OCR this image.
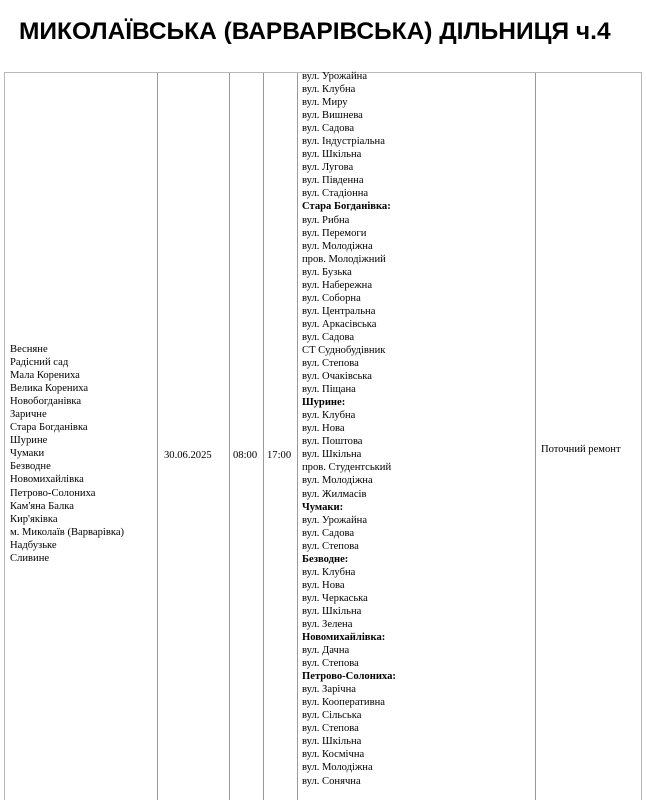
МИКОЛАЇВСЬКА (ВАРВАРІВСЬКА) ДІЛЬНИЦЯ ч.4
Весняне
Радісний сад
Мала Корениха
Велика Корениха
Новобогданівка
Заричне
Стара Богданівка
Шурине
Чумаки
Безводне
Новомихайлівка
Петрово-Солониха
Кам'яна Балка
Кир'яківка
м. Миколаїв (Варварівка)
Надбузьке
Сливине
30.06.2025 08:00 17:00
вул. Урожайна
вул. Клубна
вул. Миру
вул. Вишнева
вул. Садова
вул. Індустріальна
вул. Шкільна
вул. Лугова
вул. Південна
вул. Стадіонна
Стара Богданівка:
вул. Рибна
вул. Перемоги
вул. Молодіжна
пров. Молодіжний
вул. Бузька
вул. Набережна
вул. Соборна
вул. Центральна
вул. Аркасівська
вул. Садова
СТ Суднобудівник
вул. Степова
вул. Очаківська
вул. Піщана
Шурине:
вул. Клубна
вул. Нова
вул. Поштова
вул. Шкільна
пров. Студентський
вул. Молодіжна
вул. Жилмасів
Чумаки:
вул. Урожайна
вул. Садова
вул. Степова
Безводне:
вул. Клубна
вул. Нова
вул. Черкаська
вул. Шкільна
вул. Зелена
Новомихайлівка:
вул. Дачна
вул. Степова
Петрово-Солониха:
вул. Зарічна
вул. Кооперативна
вул. Сільська
вул. Степова
вул. Шкільна
вул. Космічна
вул. Молодіжна
вул. Сонячна
Поточний ремонт
